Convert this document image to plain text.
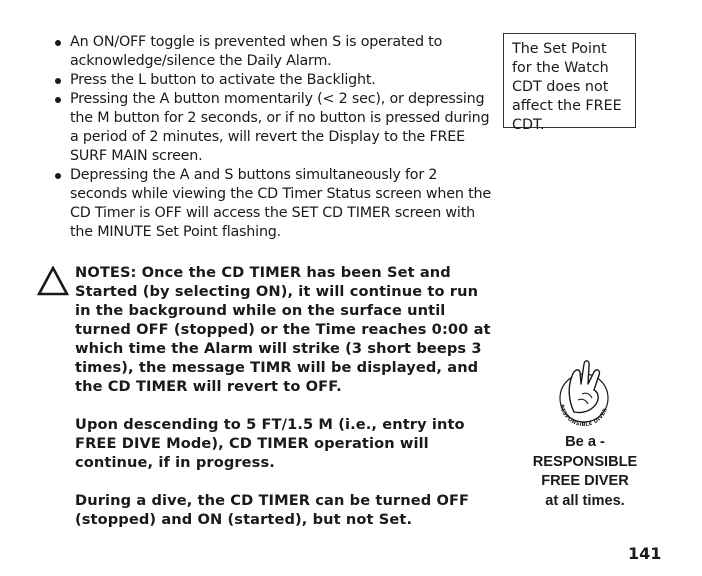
An ON/OFF toggle is prevented when S is operated to acknowledge/silence the Daily Alarm.
Press the L button to activate the Backlight.
Pressing the A button momentarily (< 2 sec), or depressing the M button for 2 seconds, or if no button is pressed during a period of 2 minutes, will revert the Display to the FREE SURF MAIN screen.
Depressing the A and S buttons simultaneously for 2 seconds while viewing the CD Timer Status screen when the CD Timer is OFF will access the SET CD TIMER screen with the MINUTE Set Point flashing.
The Set Point for the Watch CDT does not affect the FREE CDT.

NOTES: Once the CD TIMER has been Set and Started (by selecting ON), it will continue to run in the background while on the surface until turned OFF (stopped) or the Time reaches 0:00 at which time the Alarm will strike (3 short beeps 3 times), the message TIMR will be displayed, and the CD TIMER will revert to OFF.

Upon descending to 5 FT/1.5 M (i.e., entry into FREE DIVE Mode), CD TIMER operation will continue, if in progress.

During a dive, the CD TIMER can be turned OFF (stopped) and ON (started), but not Set.

RESPONSIBLE DIVER
Be a -
RESPONSIBLE
FREE DIVER
at all times.
141
